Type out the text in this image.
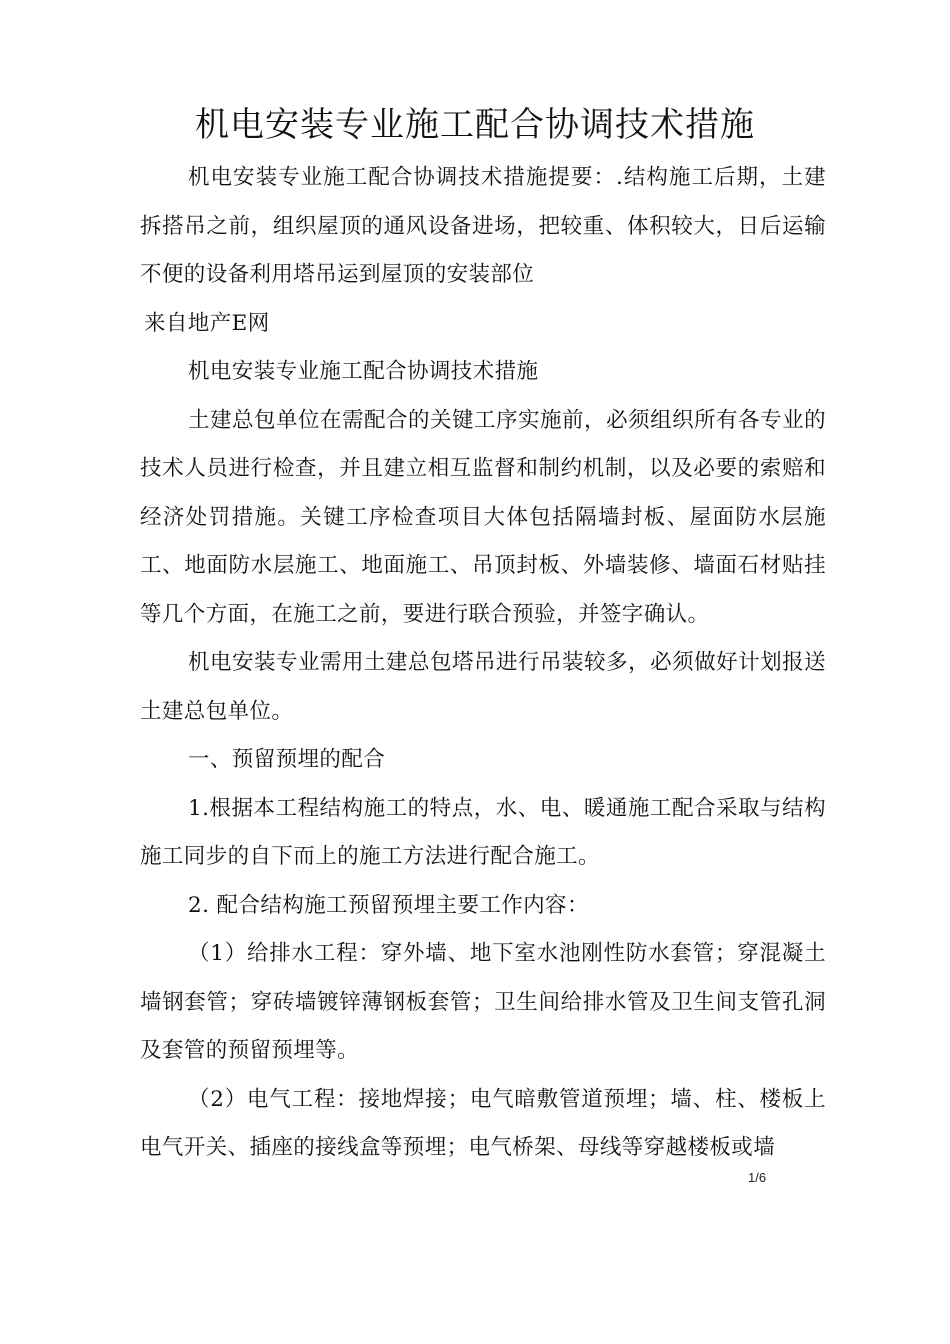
机电安装专业施工配合协调技术措施

机电安装专业施工配合协调技术措施提要：.结构施工后期，土建拆搭吊之前，组织屋顶的通风设备进场，把较重、体积较大，日后运输不便的设备利用塔吊运到屋顶的安装部位

来自地产E网

机电安装专业施工配合协调技术措施

土建总包单位在需配合的关键工序实施前，必须组织所有各专业的技术人员进行检查，并且建立相互监督和制约机制，以及必要的索赔和经济处罚措施。关键工序检查项目大体包括隔墙封板、屋面防水层施工、地面防水层施工、地面施工、吊顶封板、外墙装修、墙面石材贴挂等几个方面，在施工之前，要进行联合预验，并签字确认。

机电安装专业需用土建总包塔吊进行吊装较多，必须做好计划报送土建总包单位。

一、预留预埋的配合

1.根据本工程结构施工的特点，水、电、暖通施工配合采取与结构施工同步的自下而上的施工方法进行配合施工。

2. 配合结构施工预留预埋主要工作内容：

（1）给排水工程：穿外墙、地下室水池刚性防水套管；穿混凝土墙钢套管；穿砖墙镀锌薄钢板套管；卫生间给排水管及卫生间支管孔洞及套管的预留预埋等。

（2）电气工程：接地焊接；电气暗敷管道预埋；墙、柱、楼板上电气开关、插座的接线盒等预埋；电气桥架、母线等穿越楼板或墙

1/6
